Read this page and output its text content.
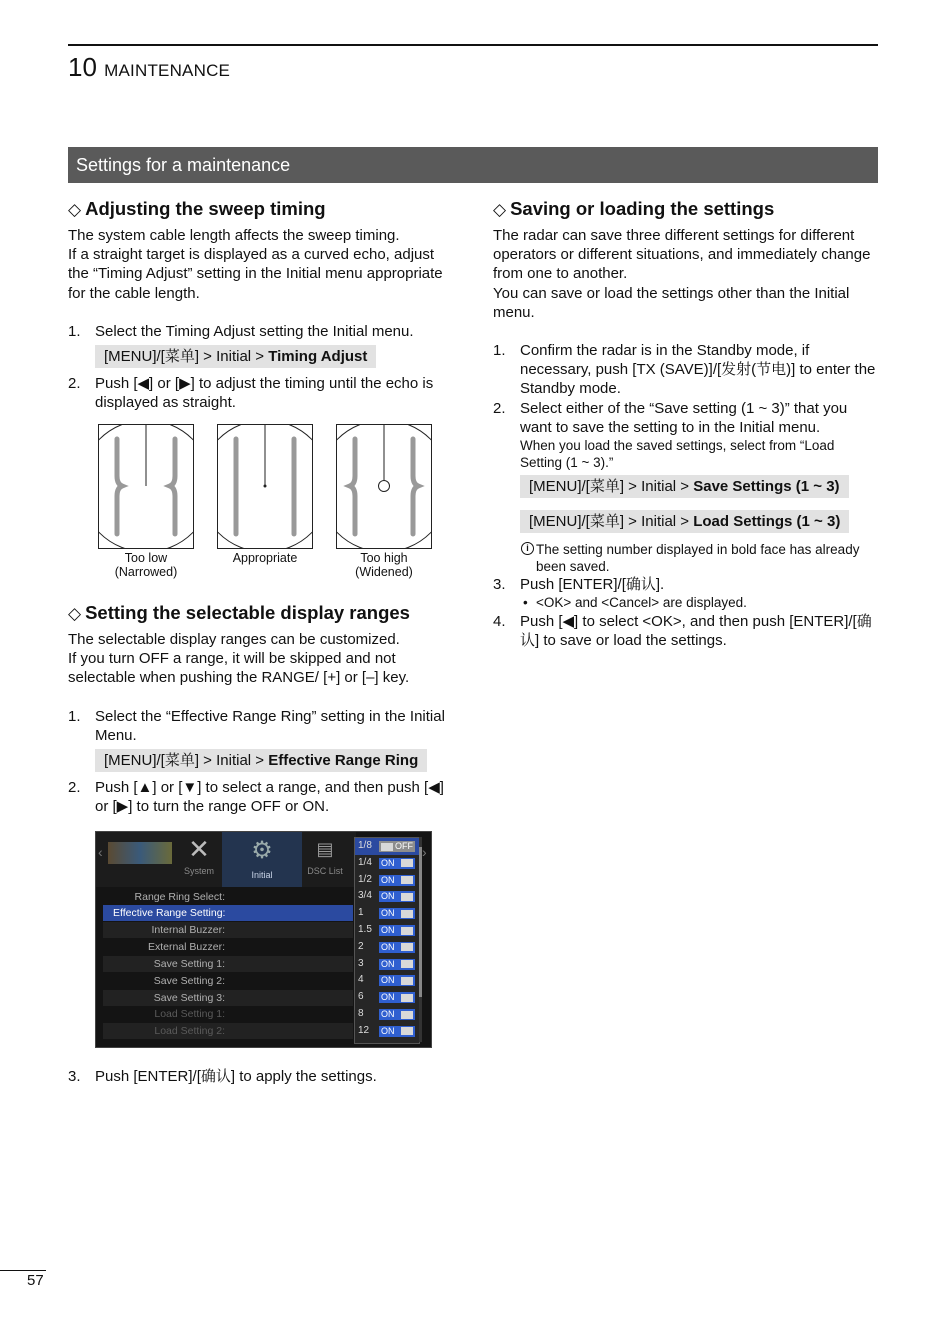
10 MAINTENANCE
Settings for a maintenance
◇ Adjusting the sweep timing

The system cable length affects the sweep timing.

If a straight target is displayed as a curved echo, adjust the “Timing Adjust” setting in the Initial menu appropriate for the cable length.

1. Select the Timing Adjust setting the Initial menu.

[MENU]/[菜单] > Initial > Timing Adjust

2. Push [◀] or [▶] to adjust the timing until the echo is displayed as straight.

Too low
(Narrowed)
Appropriate	Too high
(Widened)
◇ Setting the selectable display ranges

The selectable display ranges can be customized.

If you turn OFF a range, it will be skipped and not selectable when pushing the RANGE/ [+] or [–] key.

1. Select the “Effective Range Ring” setting in the Initial Menu.

[MENU]/[菜单] > Initial > Effective Range Ring

2. Push [▲] or [▼] to select a range, and then push [◀] or [▶] to turn the range OFF or ON.

‹	✕
System
⚙
Initial
▤
DSC List
›
Range Ring Select:
Effective Range Setting:
Internal Buzzer:
External Buzzer:
Save Setting 1:
Save Setting 2:
Save Setting 3:
Load Setting 1:
Load Setting 2:
1/8	OFF
1/4 ON
1/2 ON
3/4 ON
1 ON
1.5 ON
2 ON
3 ON
4 ON
6 ON
8 ON
12 ON

3. Push [ENTER]/[确认] to apply the settings.

◇ Saving or loading the settings

The radar can save three different settings for different operators or different situations, and immediately change from one to another.

You can save or load the settings other than the Initial menu.

1. Confirm the radar is in the Standby mode, if necessary, push [TX (SAVE)]/[发射(节电)] to enter the Standby mode.

2. Select either of the “Save setting (1 ~ 3)” that you want to save the setting to in the Initial menu.

When you load the saved settings, select from “Load Setting (1 ~ 3).”

[MENU]/[菜单] > Initial > Save Settings (1 ~ 3) [MENU]/[菜单] > Initial > Load Settings (1 ~ 3)

i The setting number displayed in bold face has already been saved.

3. Push [ENTER]/[确认].

• <OK> and <Cancel> are displayed.

4. Push [◀] to select <OK>, and then push [ENTER]/[确认] to save or load the settings.

57
